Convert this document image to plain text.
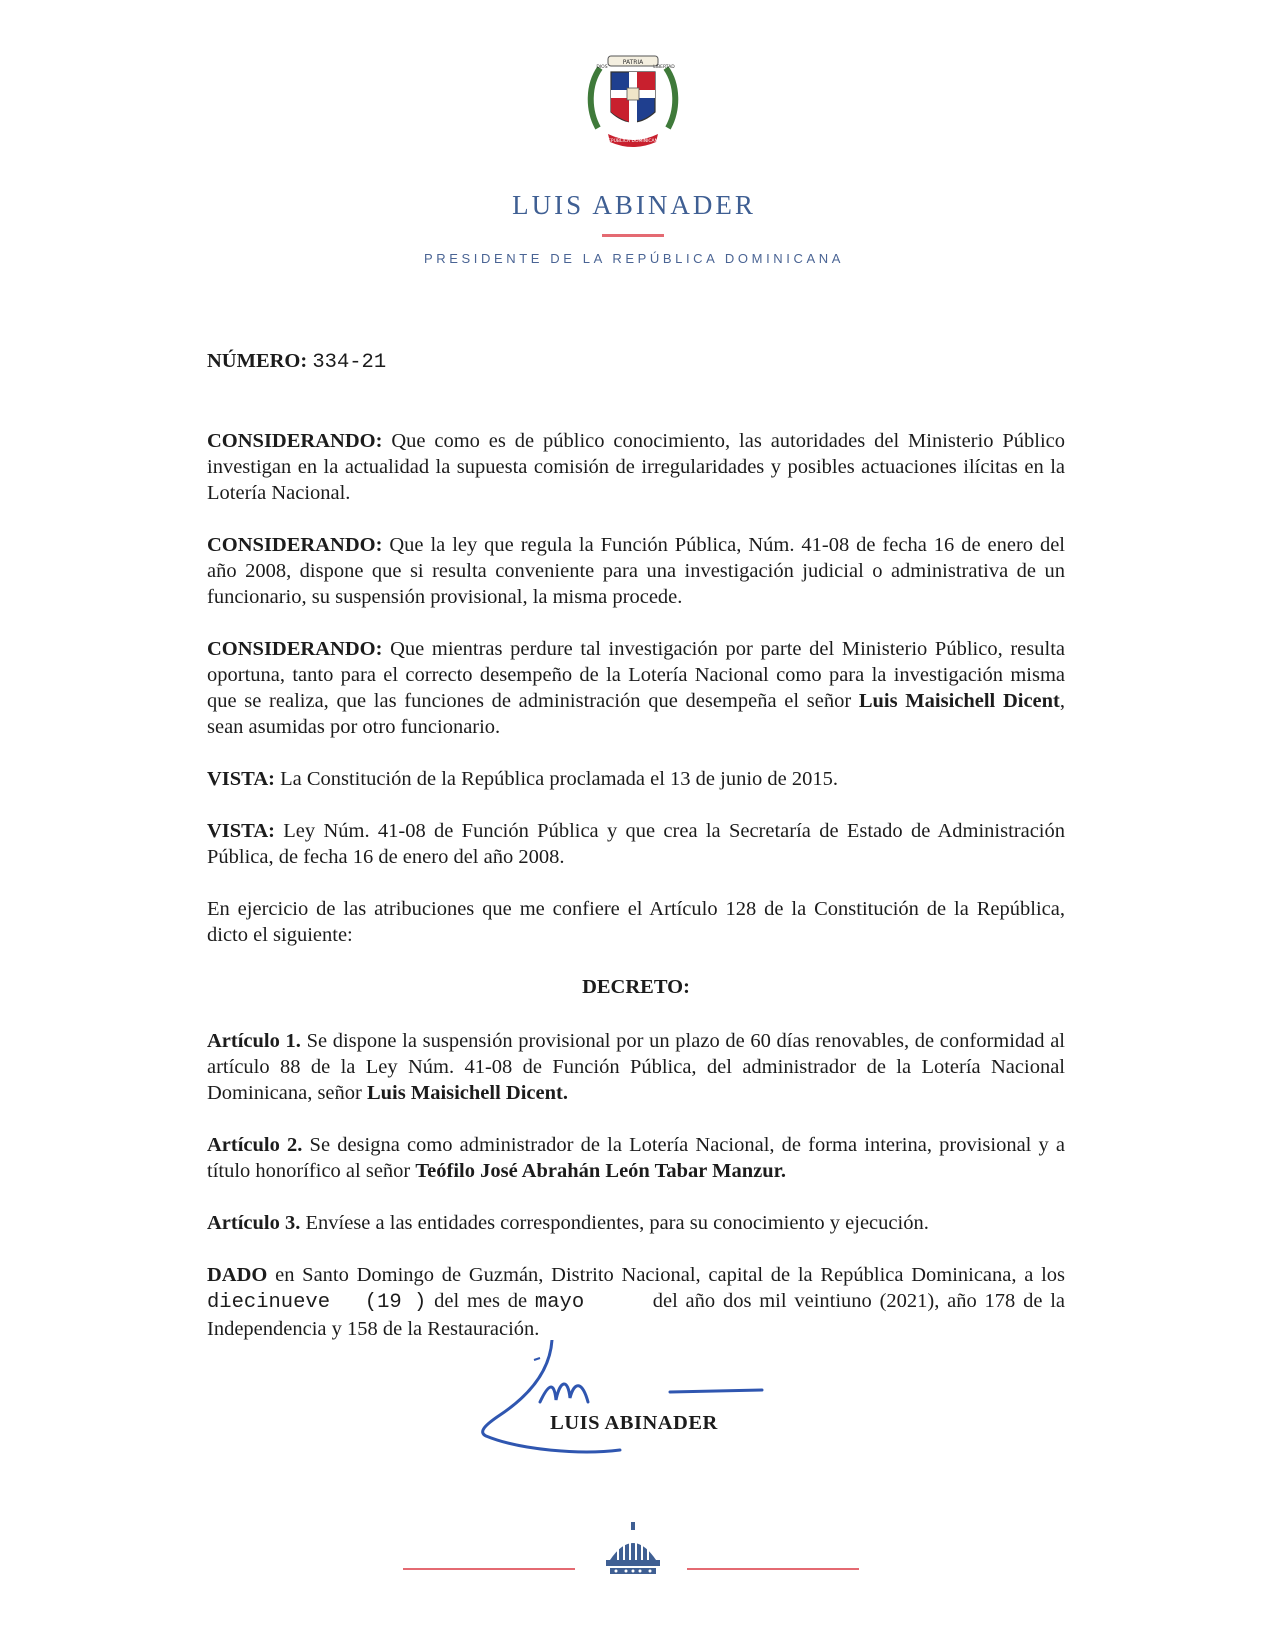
PATRIA
DIOS	LIBERTAD
REPÚBLICA DOMINICANA
LUIS ABINADER
PRESIDENTE DE LA REPÚBLICA DOMINICANA

NÚMERO: 334-21

CONSIDERANDO: Que como es de público conocimiento, las autoridades del Ministerio Público investigan en la actualidad la supuesta comisión de irregularidades y posibles actuaciones ilícitas en la Lotería Nacional.

CONSIDERANDO: Que la ley que regula la Función Pública, Núm. 41-08 de fecha 16 de enero del año 2008, dispone que si resulta conveniente para una investigación judicial o administrativa de un funcionario, su suspensión provisional, la misma procede.

CONSIDERANDO: Que mientras perdure tal investigación por parte del Ministerio Público, resulta oportuna, tanto para el correcto desempeño de la Lotería Nacional como para la investigación misma que se realiza, que las funciones de administración que desempeña el señor Luis Maisichell Dicent, sean asumidas por otro funcionario.

VISTA: La Constitución de la República proclamada el 13 de junio de 2015.

VISTA: Ley Núm. 41-08 de Función Pública y que crea la Secretaría de Estado de Administración Pública, de fecha 16 de enero del año 2008.

En ejercicio de las atribuciones que me confiere el Artículo 128 de la Constitución de la República, dicto el siguiente:

DECRETO:

Artículo 1. Se dispone la suspensión provisional por un plazo de 60 días renovables, de conformidad al artículo 88 de la Ley Núm. 41-08 de Función Pública, del administrador de la Lotería Nacional Dominicana, señor Luis Maisichell Dicent.

Artículo 2. Se designa como administrador de la Lotería Nacional, de forma interina, provisional y a título honorífico al señor Teófilo José Abrahán León Tabar Manzur.

Artículo 3. Envíese a las entidades correspondientes, para su conocimiento y ejecución.

DADO en Santo Domingo de Guzmán, Distrito Nacional, capital de la República Dominicana, a los diecinueve (19 ) del mes de mayo	del año dos mil veintiuno (2021), año 178 de la Independencia y 158 de la Restauración.

LUIS ABINADER
